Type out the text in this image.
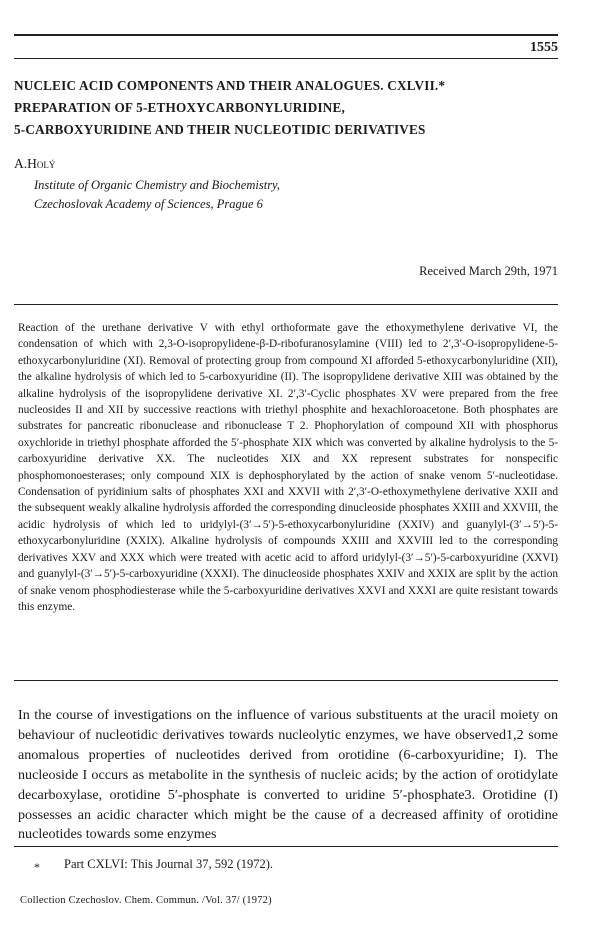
1555
NUCLEIC ACID COMPONENTS AND THEIR ANALOGUES. CXLVII.*
PREPARATION OF 5-ETHOXYCARBONYLURIDINE,
5-CARBOXYURIDINE AND THEIR NUCLEOTIDIC DERIVATIVES
A.Holý
Institute of Organic Chemistry and Biochemistry,
Czechoslovak Academy of Sciences, Prague 6
Received March 29th, 1971

Reaction of the urethane derivative V with ethyl orthoformate gave the ethoxymethylene derivative VI, the condensation of which with 2,3-O-isopropylidene-β-D-ribofuranosylamine (VIII) led to 2′,3′-O-isopropylidene-5-ethoxycarbonyluridine (XI). Removal of protecting group from compound XI afforded 5-ethoxycarbonyluridine (XII), the alkaline hydrolysis of which led to 5-carboxyuridine (II). The isopropylidene derivative XIII was obtained by the alkaline hydrolysis of the isopropylidene derivative XI. 2′,3′-Cyclic phosphates XV were prepared from the free nucleosides II and XII by successive reactions with triethyl phosphite and hexachloroacetone. Both phosphates are substrates for pancreatic ribonuclease and ribonuclease T 2. Phophorylation of compound XII with phosphorus oxychloride in triethyl phosphate afforded the 5′-phosphate XIX which was converted by alkaline hydrolysis to the 5-carboxyuridine derivative XX. The nucleotides XIX and XX represent substrates for nonspecific phosphomonoesterases; only compound XIX is dephosphorylated by the action of snake venom 5′-nucleotidase. Condensation of pyridinium salts of phosphates XXI and XXVII with 2′,3′-O-ethoxymethylene derivative XXII and the subsequent weakly alkaline hydrolysis afforded the corresponding dinucleoside phosphates XXIII and XXVIII, the acidic hydrolysis of which led to uridylyl-(3′→5′)-5-ethoxycarbonyluridine (XXIV) and guanylyl-(3′→5′)-5-ethoxycarbonyluridine (XXIX). Alkaline hydrolysis of compounds XXIII and XXVIII led to the corresponding derivatives XXV and XXX which were treated with acetic acid to afford uridylyl-(3′→5′)-5-carboxyuridine (XXVI) and guanylyl-(3′→5′)-5-carboxyuridine (XXXI). The dinucleoside phosphates XXIV and XXIX are split by the action of snake venom phosphodiesterase while the 5-carboxyuridine derivatives XXVI and XXXI are quite resistant towards this enzyme.

In the course of investigations on the influence of various substituents at the uracil moiety on behaviour of nucleotidic derivatives towards nucleolytic enzymes, we have observed1,2 some anomalous properties of nucleotides derived from orotidine (6-carboxyuridine; I). The nucleoside I occurs as metabolite in the synthesis of nucleic acids; by the action of orotidylate decarboxylase, orotidine 5′-phosphate is converted to uridine 5′-phosphate3. Orotidine (I) possesses an acidic character which might be the cause of a decreased affinity of orotidine nucleotides towards some enzymes

* Part CXLVI: This Journal 37, 592 (1972).
Collection Czechoslov. Chem. Commun. /Vol. 37/ (1972)
